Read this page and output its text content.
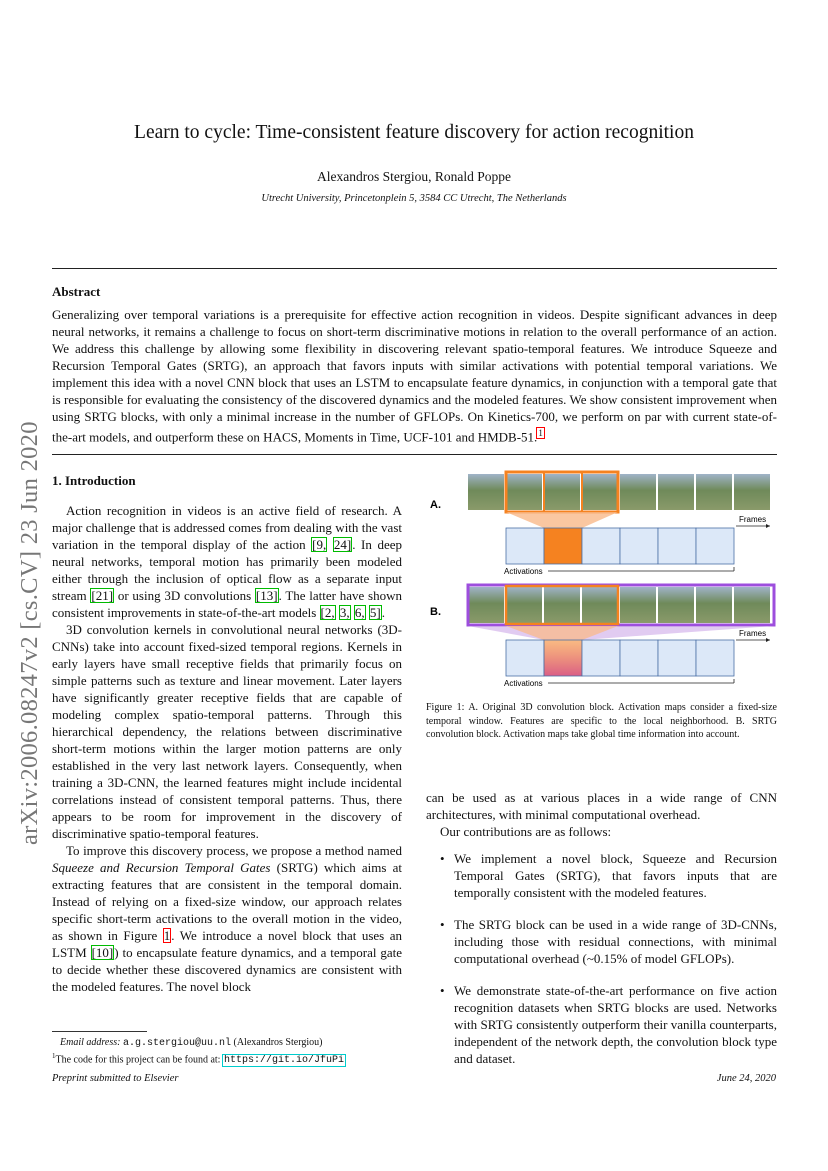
Learn to cycle: Time-consistent feature discovery for action recognition
Alexandros Stergiou, Ronald Poppe
Utrecht University, Princetonplein 5, 3584 CC Utrecht, The Netherlands
Abstract
Generalizing over temporal variations is a prerequisite for effective action recognition in videos. Despite significant advances in deep neural networks, it remains a challenge to focus on short-term discriminative motions in relation to the overall performance of an action. We address this challenge by allowing some flexibility in discovering relevant spatio-temporal features. We introduce Squeeze and Recursion Temporal Gates (SRTG), an approach that favors inputs with similar activations with potential temporal variations. We implement this idea with a novel CNN block that uses an LSTM to encapsulate feature dynamics, in conjunction with a temporal gate that is responsible for evaluating the consistency of the discovered dynamics and the modeled features. We show consistent improvement when using SRTG blocks, with only a minimal increase in the number of GFLOPs. On Kinetics-700, we perform on par with current state-of-the-art models, and outperform these on HACS, Moments in Time, UCF-101 and HMDB-51.$^1$
arXiv:2006.08247v2 [cs.CV] 23 Jun 2020 1. Introduction

Action recognition in videos is an active field of research. A major challenge that is addressed comes from dealing with the vast variation in the temporal display of the action [9, 24]. In deep neural networks, temporal motion has primarily been modeled either through the inclusion of optical flow as a separate input stream [21] or using 3D convolutions [13]. The latter have shown consistent improvements in state-of-the-art models [2, 3, 6, 5].

3D convolution kernels in convolutional neural networks (3D-CNNs) take into account fixed-sized temporal regions. Kernels in early layers have small receptive fields that primarily focus on simple patterns such as texture and linear movement. Later layers have significantly greater receptive fields that are capable of modeling complex spatio-temporal patterns. Through this hierarchical dependency, the relations between discriminative short-term motions within the larger motion patterns are only established in the very last network layers. Consequently, when training a 3D-CNN, the learned features might include incidental correlations instead of consistent temporal patterns. Thus, there appears to be room for improvement in the discovery of discriminative spatio-temporal features.

To improve this discovery process, we propose a method named Squeeze and Recursion Temporal Gates (SRTG) which aims at extracting features that are consistent in the temporal domain. Instead of relying on a fixed-size window, our approach relates specific short-term activations to the overall motion in the video, as shown in Figure 1. We introduce a novel block that uses an LSTM [10]) to encapsulate feature dynamics, and a temporal gate to decide whether these discovered dynamics are consistent with the modeled features. The novel block

A.
Frames
Activations
B.
Frames
Activations
Figure 1: A. Original 3D convolution block. Activation maps consider a fixed-size temporal window. Features are specific to the local neighborhood. B. SRTG convolution block. Activation maps take global time information into account.

can be used as at various places in a wide range of CNN architectures, with minimal computational overhead.

Our contributions are as follows:

• We implement a novel block, Squeeze and Recursion Temporal Gates (SRTG), that favors inputs that are temporally consistent with the modeled features.
• The SRTG block can be used in a wide range of 3D-CNNs, including those with residual connections, with minimal computational overhead (~0.15% of model GFLOPs).
• We demonstrate state-of-the-art performance on five action recognition datasets when SRTG blocks are used. Networks with SRTG consistently outperform their vanilla counterparts, independent of the network depth, the convolution block type and dataset.
Email address: a.g.stergiou@uu.nl (Alexandros Stergiou)
$^1$The code for this project can be found at: https://git.io/JfuPi
Preprint submitted to Elsevier	June 24, 2020
